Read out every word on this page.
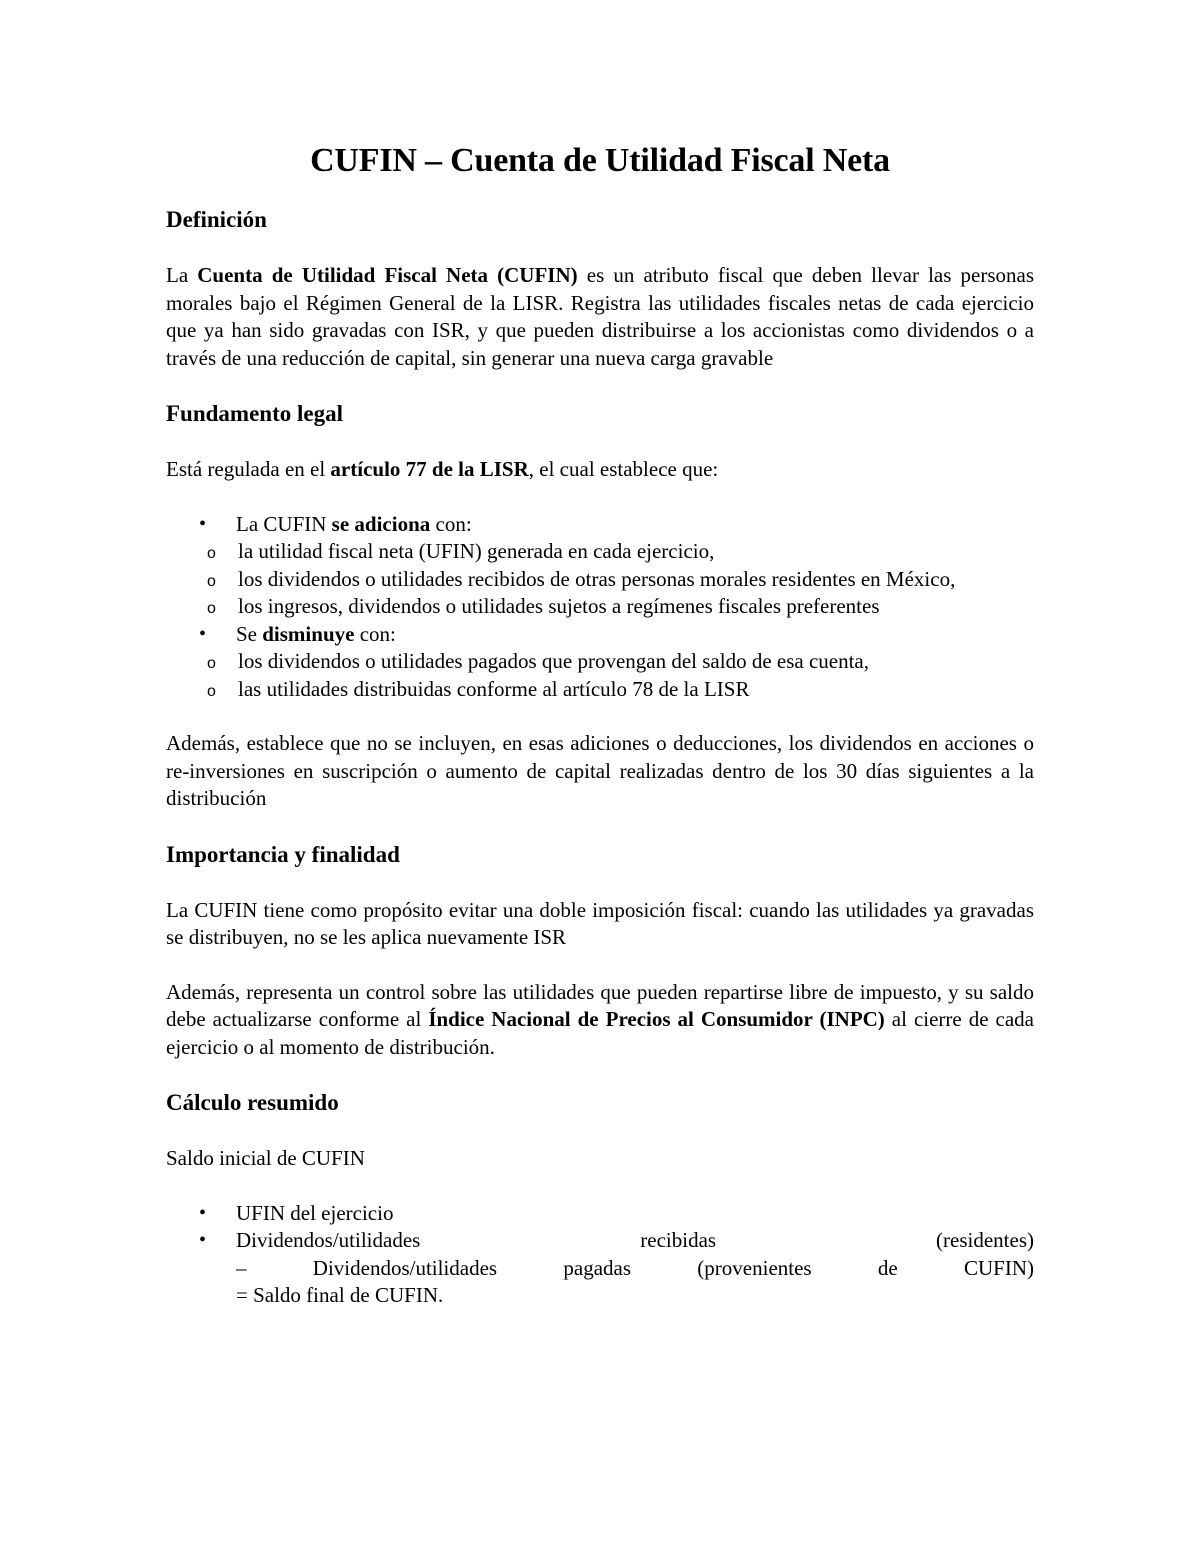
CUFIN – Cuenta de Utilidad Fiscal Neta
Definición

La Cuenta de Utilidad Fiscal Neta (CUFIN) es un atributo fiscal que deben llevar las personas morales bajo el Régimen General de la LISR. Registra las utilidades fiscales netas de cada ejercicio que ya han sido gravadas con ISR, y que pueden distribuirse a los accionistas como dividendos o a través de una reducción de capital, sin generar una nueva carga gravable

Fundamento legal

Está regulada en el artículo 77 de la LISR, el cual establece que:

• La CUFIN se adiciona con:
o la utilidad fiscal neta (UFIN) generada en cada ejercicio,
o los dividendos o utilidades recibidos de otras personas morales residentes en México,
o los ingresos, dividendos o utilidades sujetos a regímenes fiscales preferentes
• Se disminuye con:
o los dividendos o utilidades pagados que provengan del saldo de esa cuenta,
o las utilidades distribuidas conforme al artículo 78 de la LISR

Además, establece que no se incluyen, en esas adiciones o deducciones, los dividendos en acciones o re-inversiones en suscripción o aumento de capital realizadas dentro de los 30 días siguientes a la distribución

Importancia y finalidad

La CUFIN tiene como propósito evitar una doble imposición fiscal: cuando las utilidades ya gravadas se distribuyen, no se les aplica nuevamente ISR

Además, representa un control sobre las utilidades que pueden repartirse libre de impuesto, y su saldo debe actualizarse conforme al Índice Nacional de Precios al Consumidor (INPC) al cierre de cada ejercicio o al momento de distribución.

Cálculo resumido

Saldo inicial de CUFIN

• UFIN del ejercicio
• Dividendos/utilidades recibidas (residentes)
– Dividendos/utilidades pagadas (provenientes de CUFIN)
= Saldo final de CUFIN.
